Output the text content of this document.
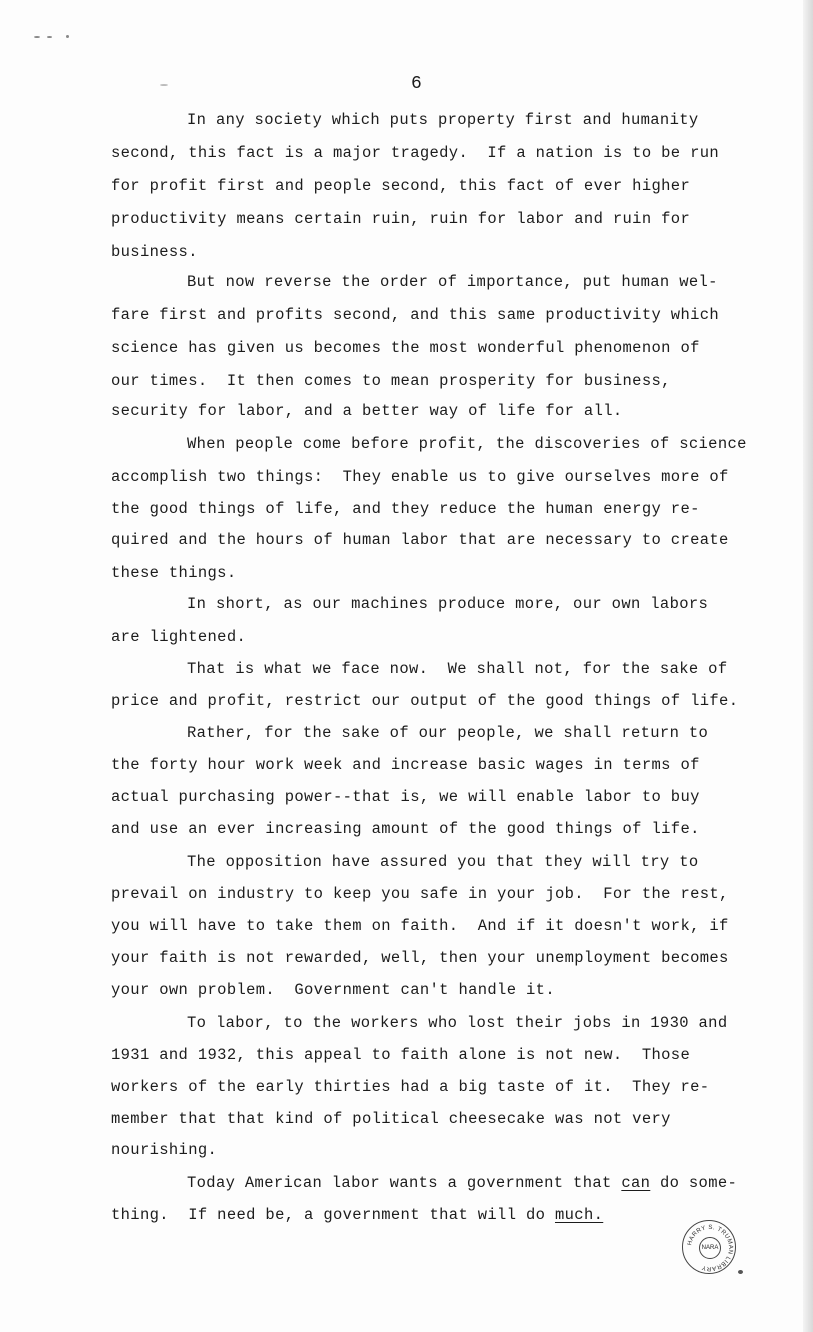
6
In any society which puts property first and humanity
second, this fact is a major tragedy.  If a nation is to be run
for profit first and people second, this fact of ever higher
productivity means certain ruin, ruin for labor and ruin for
business.
But now reverse the order of importance, put human wel-
fare first and profits second, and this same productivity which
science has given us becomes the most wonderful phenomenon of
our times.  It then comes to mean prosperity for business,
security for labor, and a better way of life for all.
When people come before profit, the discoveries of science
accomplish two things:  They enable us to give ourselves more of
the good things of life, and they reduce the human energy re-
quired and the hours of human labor that are necessary to create
these things.
In short, as our machines produce more, our own labors
are lightened.
That is what we face now.  We shall not, for the sake of
price and profit, restrict our output of the good things of life.
Rather, for the sake of our people, we shall return to
the forty hour work week and increase basic wages in terms of
actual purchasing power--that is, we will enable labor to buy
and use an ever increasing amount of the good things of life.
The opposition have assured you that they will try to
prevail on industry to keep you safe in your job.  For the rest,
you will have to take them on faith.  And if it doesn't work, if
your faith is not rewarded, well, then your unemployment becomes
your own problem.  Government can't handle it.
To labor, to the workers who lost their jobs in 1930 and
1931 and 1932, this appeal to faith alone is not new.  Those
workers of the early thirties had a big taste of it.  They re-
member that that kind of political cheesecake was not very
nourishing.
Today American labor wants a government that can do some-
thing.  If need be, a government that will do much.
HARRY S. TRUMAN LIBRARY
NARA
